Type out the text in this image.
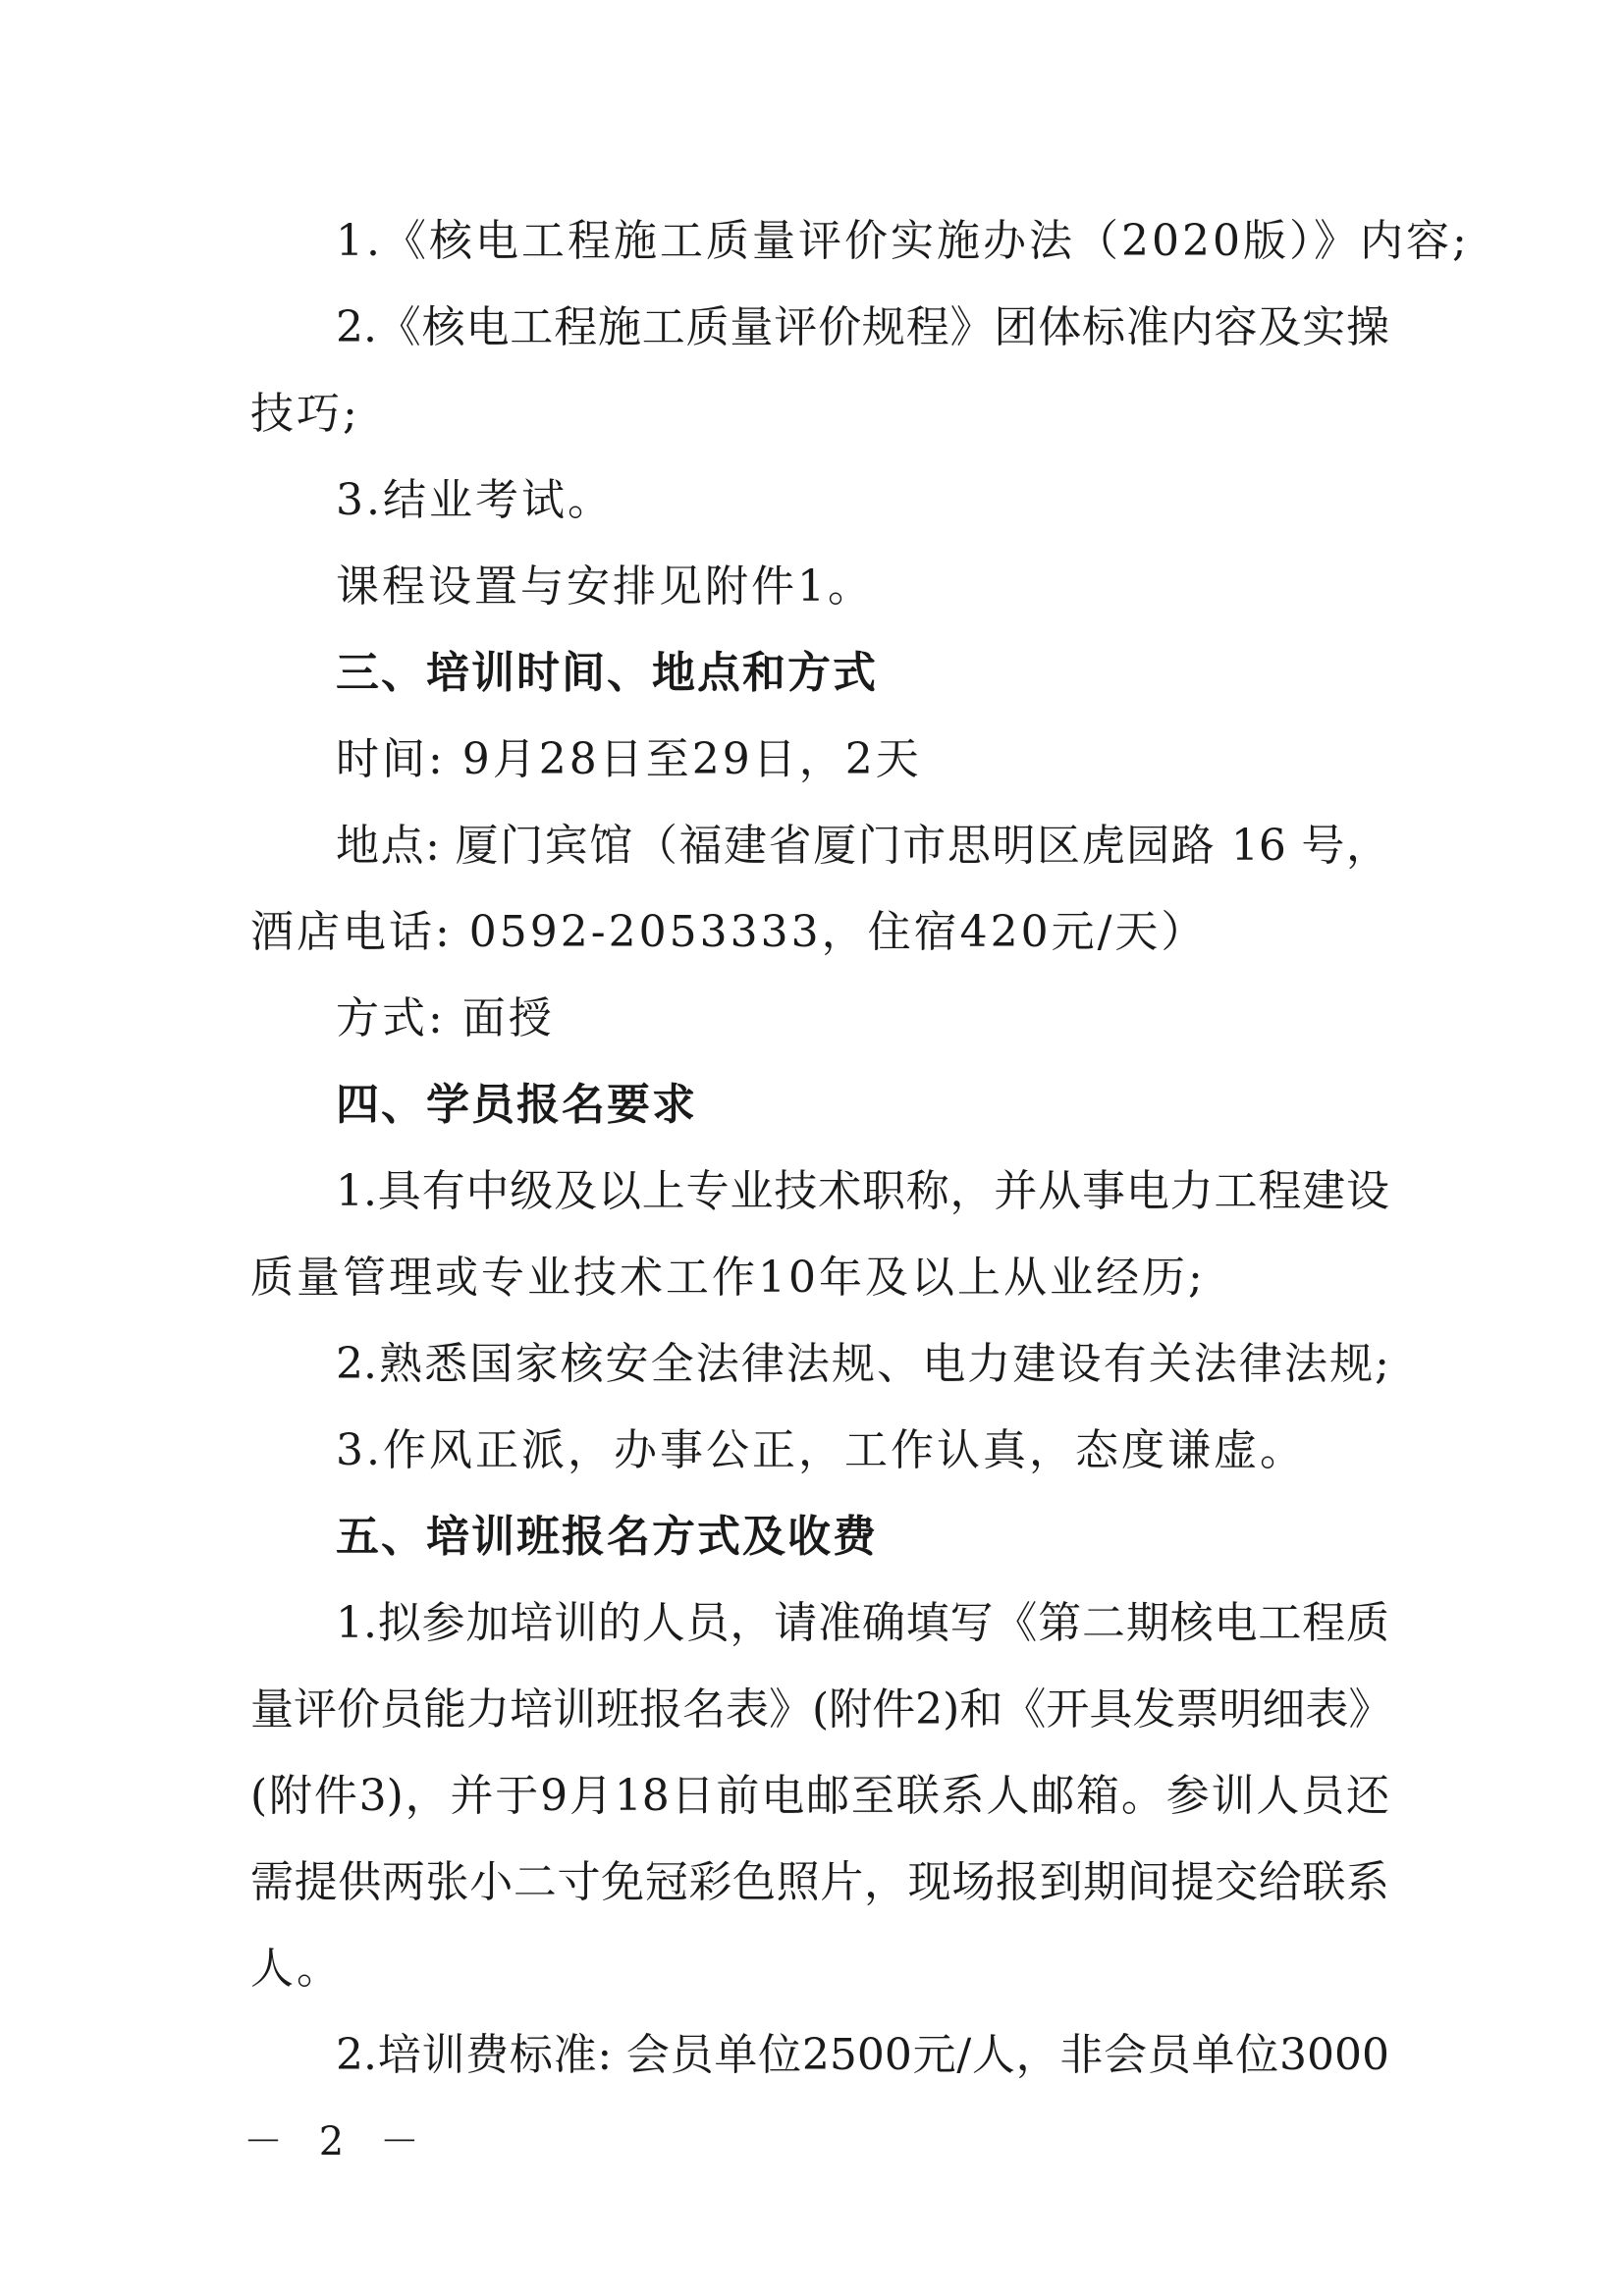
1.《核电工程施工质量评价实施办法（2020版）》内容;
2.《核电工程施工质量评价规程》团体标准内容及实操
技巧;
3.结业考试。
课程设置与安排见附件1。
三、培训时间、地点和方式
时间: 9月28日至29日，2天
地点: 厦门宾馆（福建省厦门市思明区虎园路 16 号，
酒店电话: 0592-2053333，住宿420元/天）
方式: 面授
四、学员报名要求
1.具有中级及以上专业技术职称，并从事电力工程建设
质量管理或专业技术工作10年及以上从业经历;
2.熟悉国家核安全法律法规、电力建设有关法律法规;
3.作风正派，办事公正，工作认真，态度谦虚。
五、培训班报名方式及收费
1.拟参加培训的人员，请准确填写《第二期核电工程质
量评价员能力培训班报名表》(附件2)和《开具发票明细表》
(附件3)，并于9月18日前电邮至联系人邮箱。参训人员还
需提供两张小二寸免冠彩色照片，现场报到期间提交给联系
人。
2.培训费标准: 会员单位2500元/人，非会员单位3000
－ 2 －
